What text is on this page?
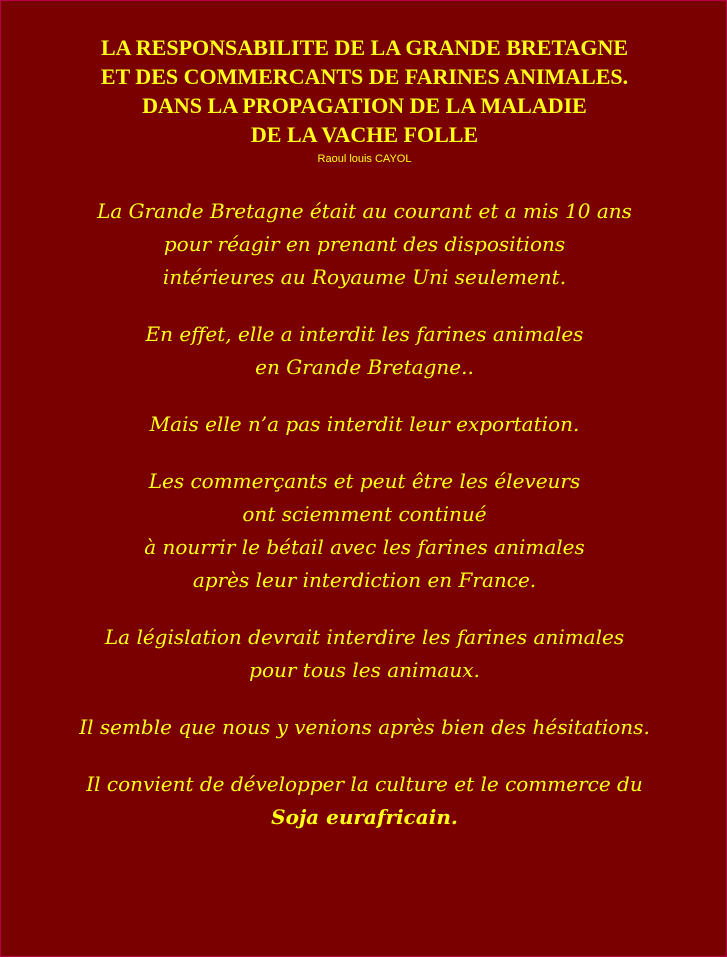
LA RESPONSABILITE DE LA GRANDE BRETAGNE
ET DES COMMERCANTS DE FARINES ANIMALES.
DANS LA PROPAGATION DE LA MALADIE
DE LA VACHE FOLLE
Raoul louis CAYOL

La Grande Bretagne était au courant et a mis 10 ans
pour réagir en prenant des dispositions
intérieures au Royaume Uni seulement.

En effet, elle a interdit les farines animales
en Grande Bretagne..

Mais elle n’a pas interdit leur exportation.

Les commerçants et peut être les éleveurs
ont sciemment continué
à nourrir le bétail avec les farines animales
après leur interdiction en France.

La législation devrait interdire les farines animales
pour tous les animaux.

Il semble que nous y venions après bien des hésitations.

Il convient de développer la culture et le commerce du
Soja eurafricain.
